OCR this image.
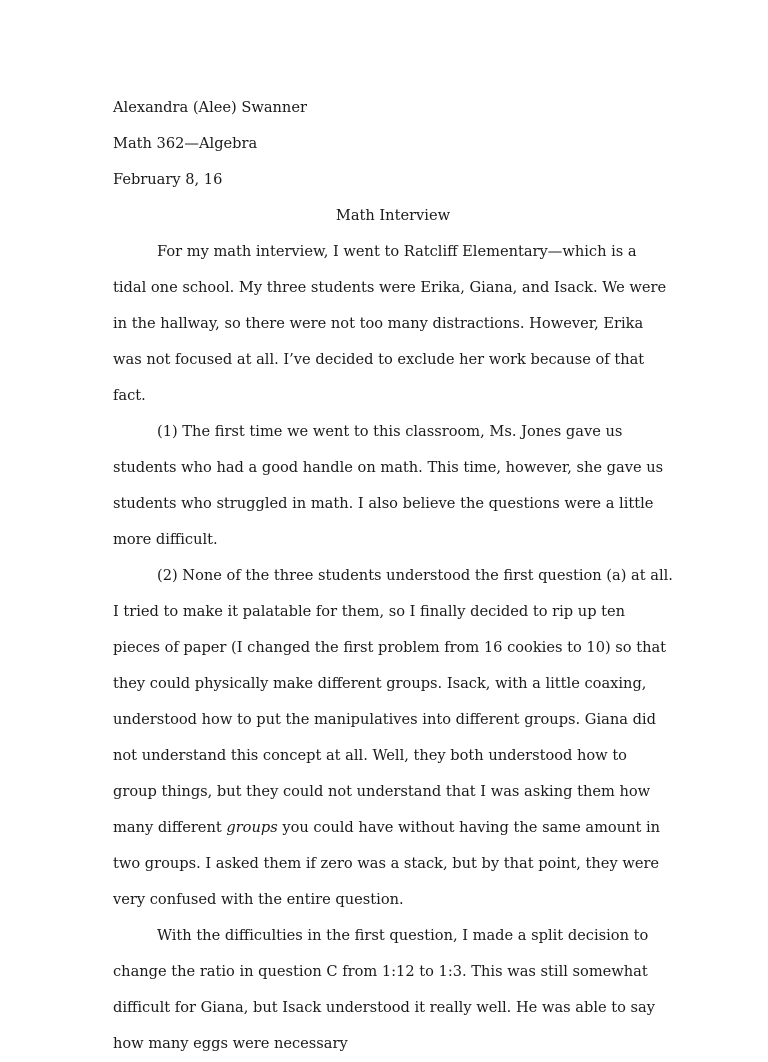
Alexandra (Alee) Swanner

Math 362—Algebra

February 8, 16

Math Interview

For my math interview, I went to Ratcliff Elementary—which is a tidal one school. My three students were Erika, Giana, and Isack. We were in the hallway, so there were not too many distractions. However, Erika was not focused at all. I’ve decided to exclude her work because of that fact.

(1) The first time we went to this classroom, Ms. Jones gave us students who had a good handle on math. This time, however, she gave us students who struggled in math. I also believe the questions were a little more difficult.

(2) None of the three students understood the first question (a) at all. I tried to make it palatable for them, so I finally decided to rip up ten pieces of paper (I changed the first problem from 16 cookies to 10) so that they could physically make different groups. Isack, with a little coaxing, understood how to put the manipulatives into different groups. Giana did not understand this concept at all. Well, they both understood how to group things, but they could not understand that I was asking them how many different groups you could have without having the same amount in two groups. I asked them if zero was a stack, but by that point, they were very confused with the entire question.

With the difficulties in the first question, I made a split decision to change the ratio in question C from 1:12 to 1:3. This was still somewhat difficult for Giana, but Isack understood it really well. He was able to say how many eggs were necessary
